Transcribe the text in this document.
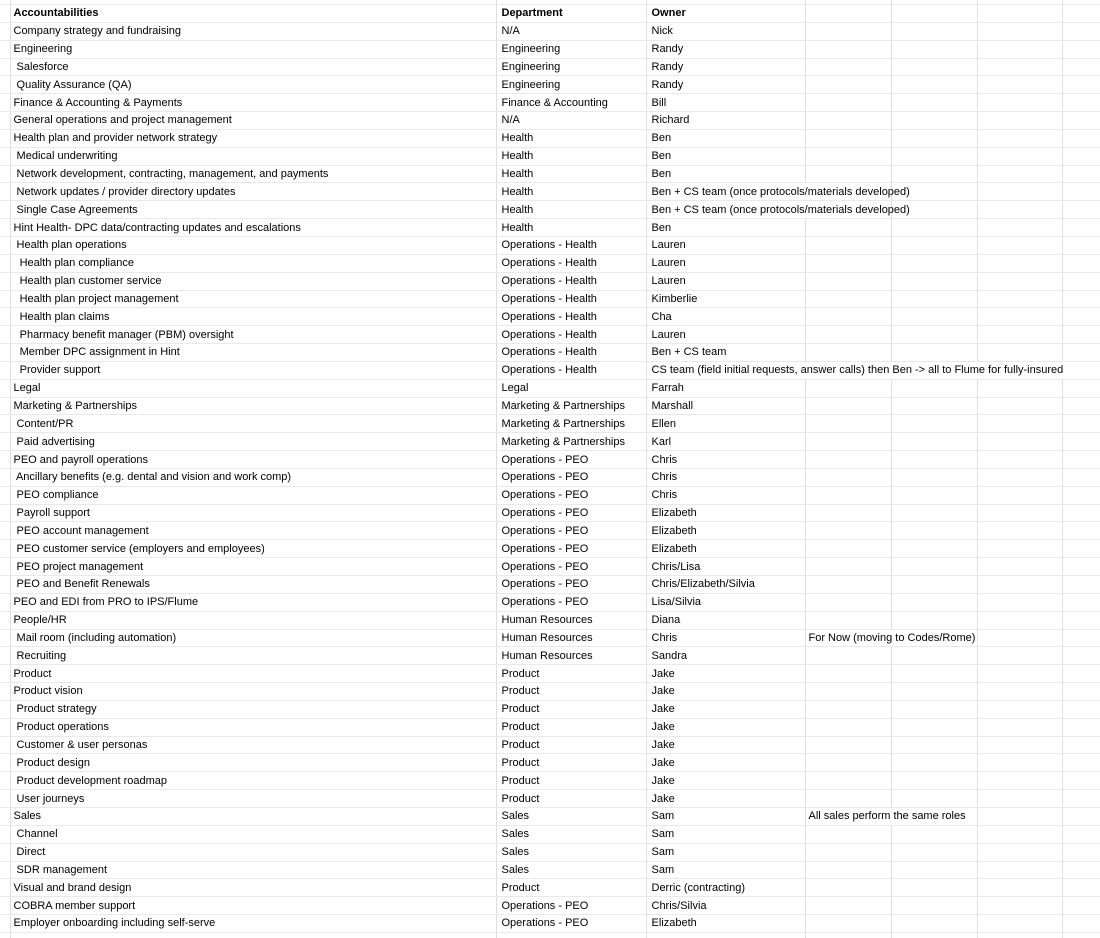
	Accountabilities	Department	Owner				
	Company strategy and fundraising	N/A	Nick				
	Engineering	Engineering	Randy				
	Salesforce	Engineering	Randy				
	Quality Assurance (QA)	Engineering	Randy				
	Finance & Accounting & Payments	Finance & Accounting	Bill				
	General operations and project management	N/A	Richard				
	Health plan and provider network strategy	Health	Ben				
	Medical underwriting	Health	Ben				
	Network development, contracting, management, and payments	Health	Ben				
	Network updates / provider directory updates	Health	Ben + CS team (once protocols/materials developed)				
	Single Case Agreements	Health	Ben + CS team (once protocols/materials developed)				
	Hint Health- DPC data/contracting updates and escalations	Health	Ben				
	Health plan operations	Operations - Health	Lauren				
	Health plan compliance	Operations - Health	Lauren				
	Health plan customer service	Operations - Health	Lauren				
	Health plan project management	Operations - Health	Kimberlie				
	Health plan claims	Operations - Health	Cha				
	Pharmacy benefit manager (PBM) oversight	Operations - Health	Lauren				
	Member DPC assignment in Hint	Operations - Health	Ben + CS team				
	Provider support	Operations - Health	CS team (field initial requests, answer calls) then Ben -> all to Flume for fully-insured				
	Legal	Legal	Farrah				
	Marketing & Partnerships	Marketing & Partnerships	Marshall				
	Content/PR	Marketing & Partnerships	Ellen				
	Paid advertising	Marketing & Partnerships	Karl				
	PEO and payroll operations	Operations - PEO	Chris				
	Ancillary benefits (e.g. dental and vision and work comp)	Operations - PEO	Chris				
	PEO compliance	Operations - PEO	Chris				
	Payroll support	Operations - PEO	Elizabeth				
	PEO account management	Operations - PEO	Elizabeth				
	PEO customer service (employers and employees)	Operations - PEO	Elizabeth				
	PEO project management	Operations - PEO	Chris/Lisa				
	PEO and Benefit Renewals	Operations - PEO	Chris/Elizabeth/Silvia				
	PEO and EDI from PRO to IPS/Flume	Operations - PEO	Lisa/Silvia				
	People/HR	Human Resources	Diana				
	Mail room (including automation)	Human Resources	Chris	For Now (moving to Codes/Rome)			
	Recruiting	Human Resources	Sandra				
	Product	Product	Jake				
	Product vision	Product	Jake				
	Product strategy	Product	Jake				
	Product operations	Product	Jake				
	Customer & user personas	Product	Jake				
	Product design	Product	Jake				
	Product development roadmap	Product	Jake				
	User journeys	Product	Jake				
	Sales	Sales	Sam	All sales perform the same roles			
	Channel	Sales	Sam				
	Direct	Sales	Sam				
	SDR management	Sales	Sam				
	Visual and brand design	Product	Derric (contracting)				
	COBRA member support	Operations - PEO	Chris/Silvia				
	Employer onboarding including self-serve	Operations - PEO	Elizabeth				
